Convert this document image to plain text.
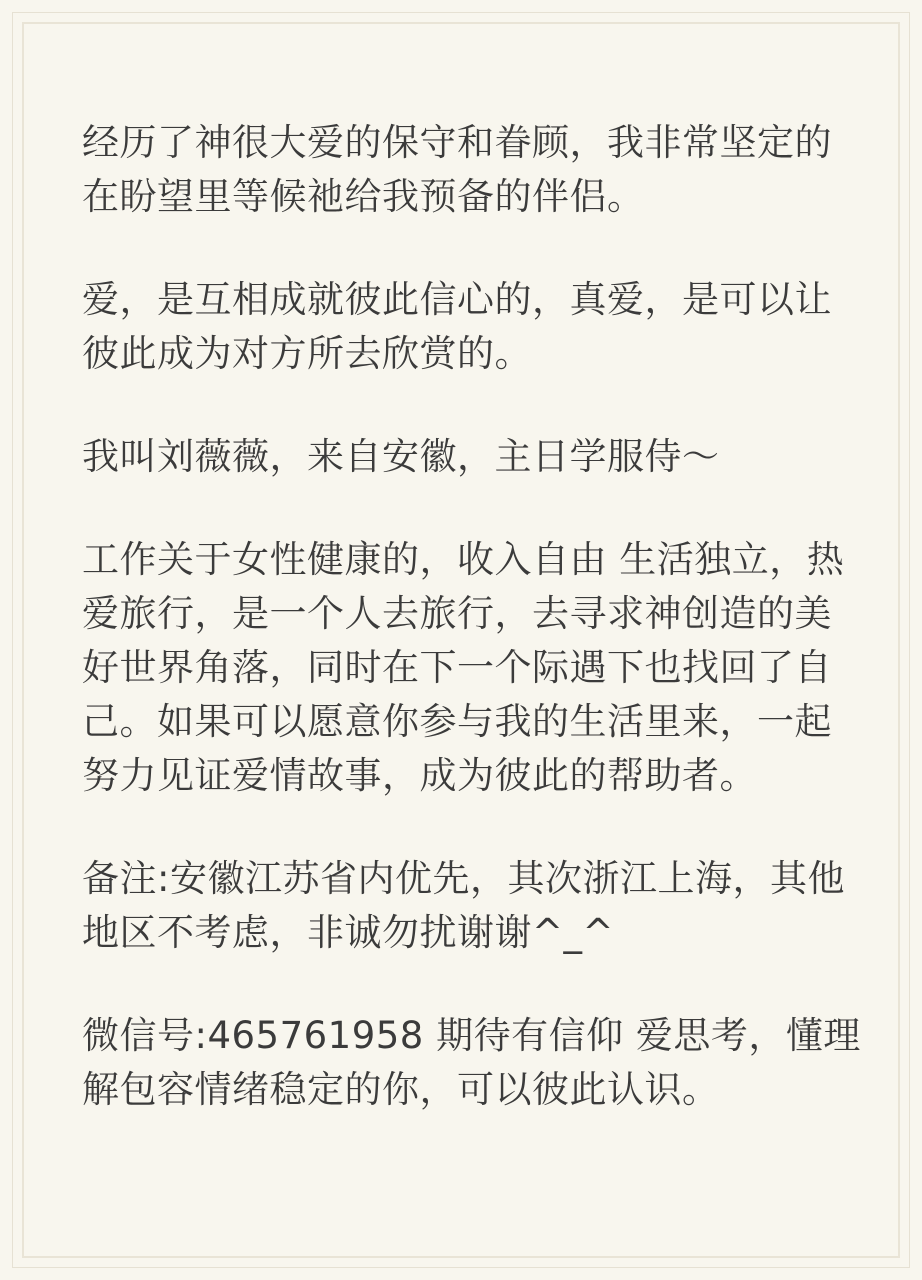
经历了神很大爱的保守和眷顾，我非常坚定的
在盼望里等候祂给我预备的伴侣。

爱，是互相成就彼此信心的，真爱，是可以让
彼此成为对方所去欣赏的。

我叫刘薇薇，来自安徽，主日学服侍～

工作关于女性健康的，收入自由 生活独立，热
爱旅行，是一个人去旅行，去寻求神创造的美
好世界角落，同时在下一个际遇下也找回了自
己。如果可以愿意你参与我的生活里来，一起
努力见证爱情故事，成为彼此的帮助者。

备注:安徽江苏省内优先，其次浙江上海，其他
地区不考虑，非诚勿扰谢谢^_^

微信号:465761958 期待有信仰 爱思考，懂理
解包容情绪稳定的你，可以彼此认识。
